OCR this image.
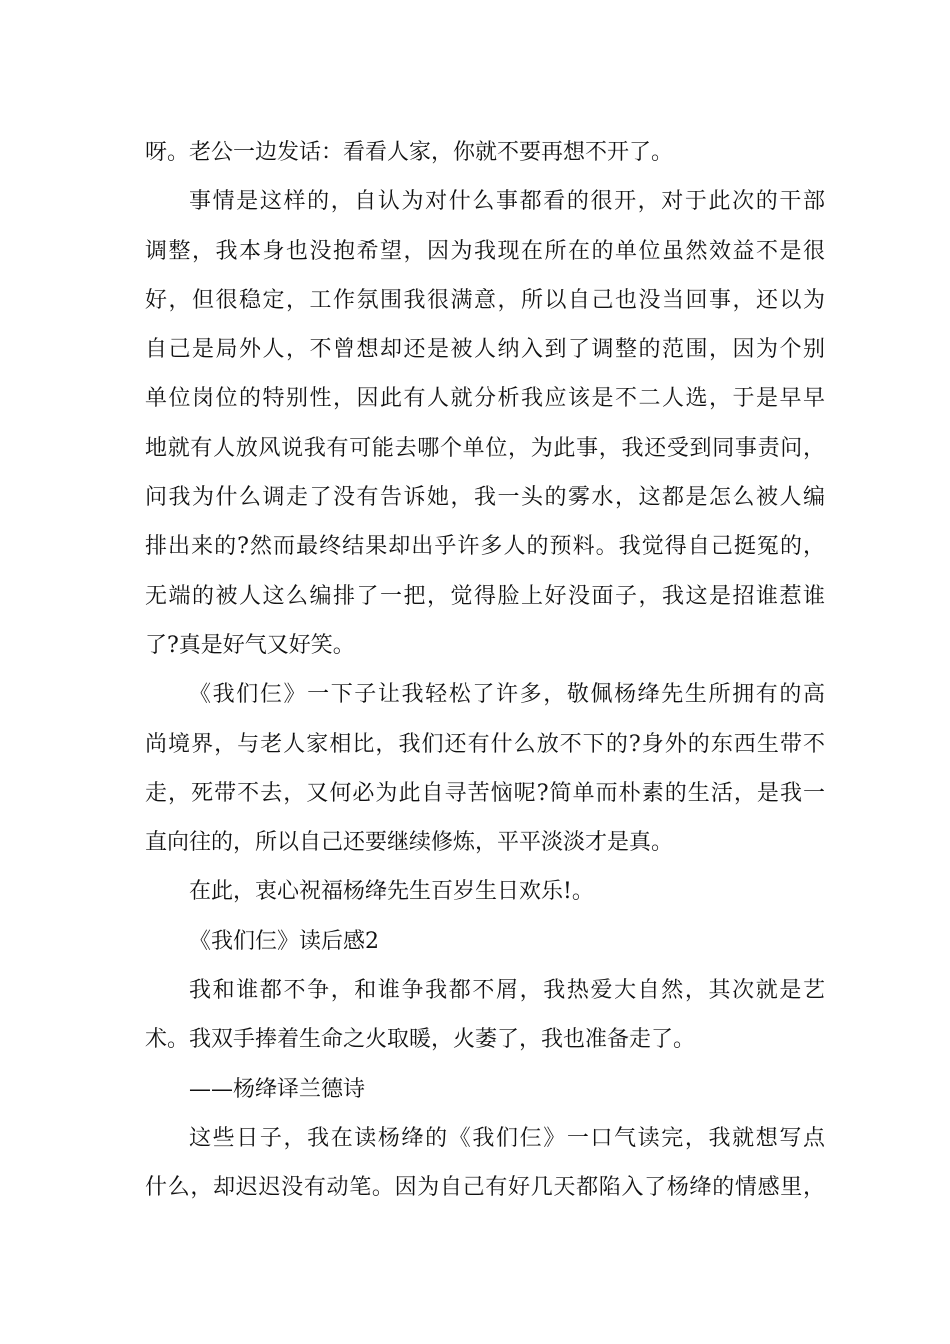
呀。老公一边发话：看看人家，你就不要再想不开了。
事情是这样的，自认为对什么事都看的很开，对于此次的干部
调整，我本身也没抱希望，因为我现在所在的单位虽然效益不是很
好，但很稳定，工作氛围我很满意，所以自己也没当回事，还以为
自己是局外人，不曾想却还是被人纳入到了调整的范围，因为个别
单位岗位的特别性，因此有人就分析我应该是不二人选，于是早早
地就有人放风说我有可能去哪个单位，为此事，我还受到同事责问，
问我为什么调走了没有告诉她，我一头的雾水，这都是怎么被人编
排出来的?然而最终结果却出乎许多人的预料。我觉得自己挺冤的，
无端的被人这么编排了一把，觉得脸上好没面子，我这是招谁惹谁
了?真是好气又好笑。
《我们仨》一下子让我轻松了许多，敬佩杨绛先生所拥有的高
尚境界，与老人家相比，我们还有什么放不下的?身外的东西生带不
走，死带不去，又何必为此自寻苦恼呢?简单而朴素的生活，是我一
直向往的，所以自己还要继续修炼，平平淡淡才是真。
在此，衷心祝福杨绛先生百岁生日欢乐!。
《我们仨》读后感2
我和谁都不争，和谁争我都不屑，我热爱大自然，其次就是艺
术。我双手捧着生命之火取暖，火萎了，我也准备走了。
——杨绛译兰德诗
这些日子，我在读杨绛的《我们仨》一口气读完，我就想写点
什么，却迟迟没有动笔。因为自己有好几天都陷入了杨绛的情感里，
